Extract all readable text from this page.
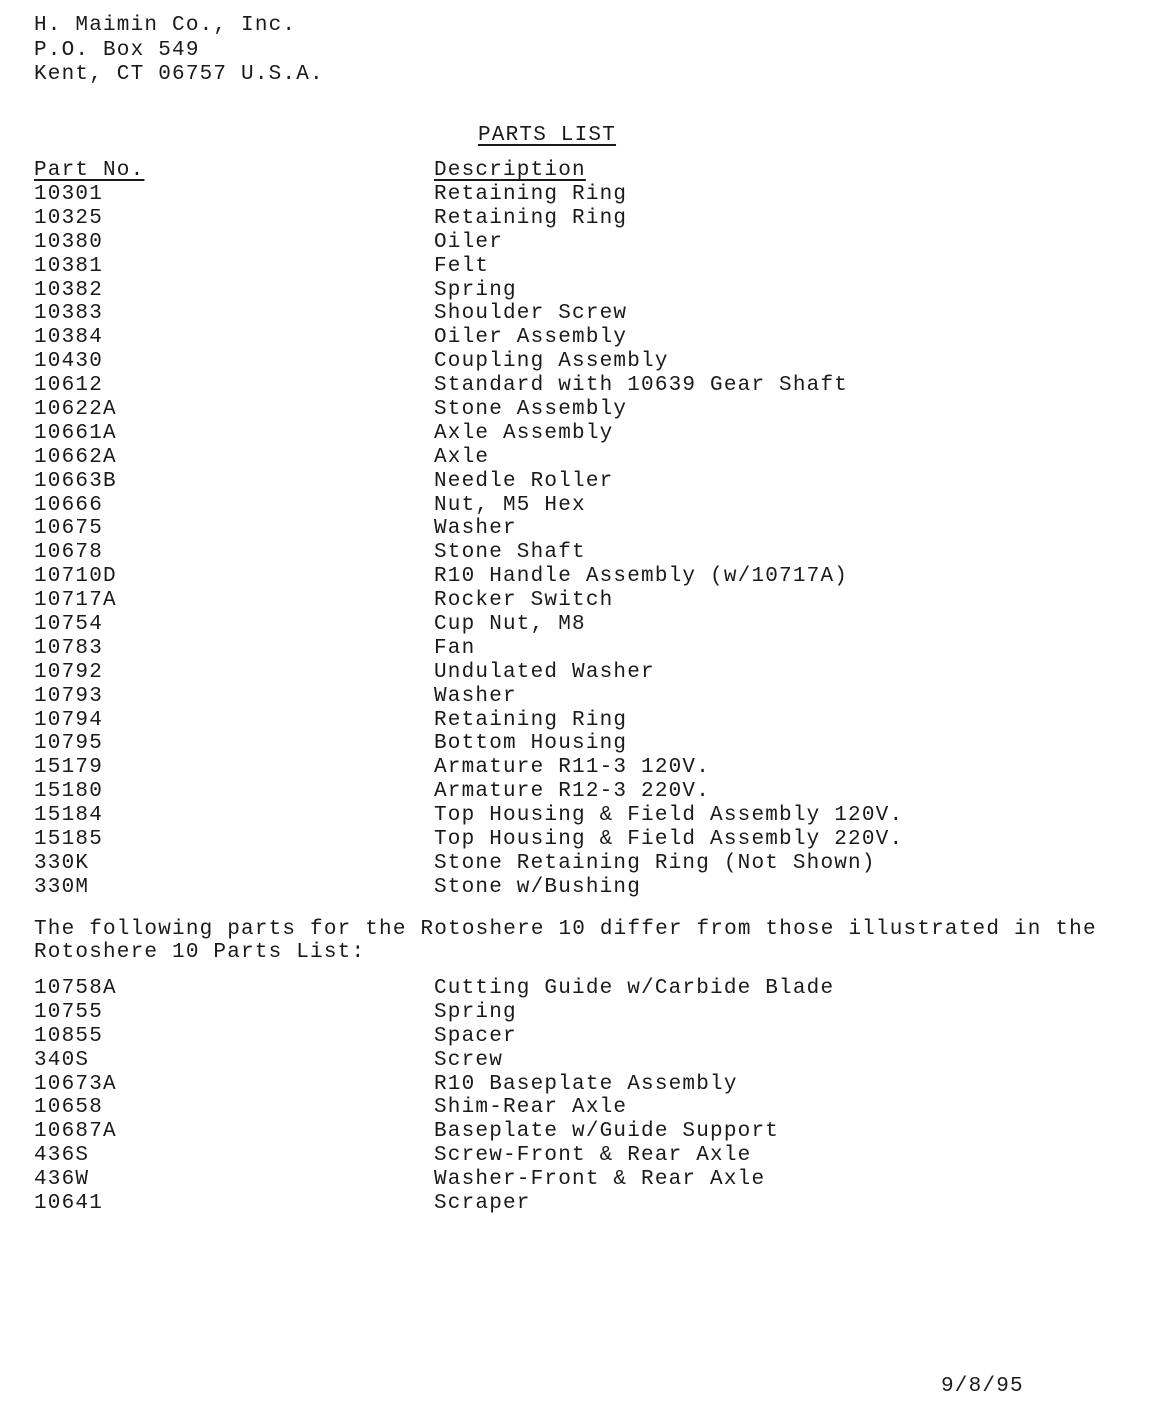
H. Maimin Co., Inc.
P.O. Box 549
Kent, CT 06757 U.S.A.
PARTS LIST
Part No.	Description
10301	Retaining Ring
10325	Retaining Ring
10380	Oiler
10381	Felt
10382	Spring
10383	Shoulder Screw
10384	Oiler Assembly
10430	Coupling Assembly
10612	Standard with 10639 Gear Shaft
10622A	Stone Assembly
10661A	Axle Assembly
10662A	Axle
10663B	Needle Roller
10666	Nut, M5 Hex
10675	Washer
10678	Stone Shaft
10710D	R10 Handle Assembly (w/10717A)
10717A	Rocker Switch
10754	Cup Nut, M8
10783	Fan
10792	Undulated Washer
10793	Washer
10794	Retaining Ring
10795	Bottom Housing
15179	Armature R11-3 120V.
15180	Armature R12-3 220V.
15184	Top Housing & Field Assembly 120V.
15185	Top Housing & Field Assembly 220V.
330K	Stone Retaining Ring (Not Shown)
330M	Stone w/Bushing
The following parts for the Rotoshere 10 differ from those illustrated in the Rotoshere 10 Parts List:
10758A	Cutting Guide w/Carbide Blade
10755	Spring
10855	Spacer
340S	Screw
10673A	R10 Baseplate Assembly
10658	Shim-Rear Axle
10687A	Baseplate w/Guide Support
436S	Screw-Front & Rear Axle
436W	Washer-Front & Rear Axle
10641	Scraper
9/8/95
